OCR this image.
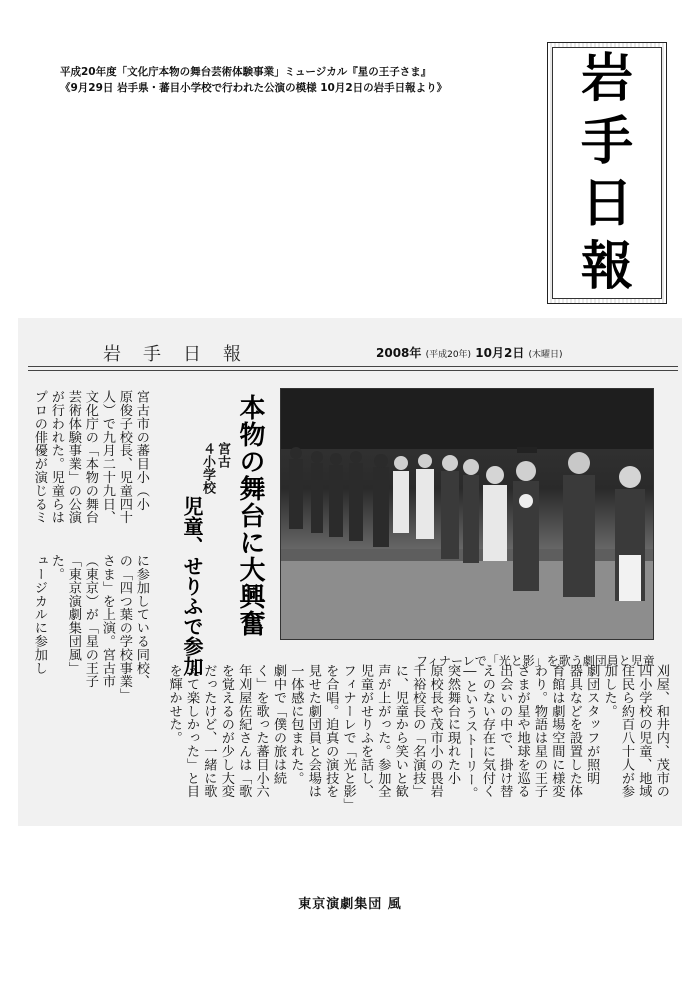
平成20年度「文化庁本物の舞台芸術体験事業」ミュージカル『星の王子さま』
《9月29日 岩手県・蕃目小学校で行われた公演の模様 10月2日の岩手日報より》	岩
手
日
報
岩手日報	2008年 (平成20年) 10月2日 (木曜日)
本物の舞台に大興奮
宮古
４小学校
児童、せりふで参加
プロの俳優が演じるミ が行われた。児童らは 芸術体験事業」の公演 文化庁の「本物の舞台 人）で九月二十九日、 原俊子校長、児童四十 宮古市の蕃目小（小
ュージカルに参加し た。 「東京演劇集団風」 （東京）が「星の王子 さま」を上演。宮古市 の「四つ葉の学校事業」 に参加している同校、	フィナーレで「光と影」を歌う劇団員と児童
刈屋、和井内、茂市の
四小学校の児童、地域
住民ら約百八十人が参
加した。
劇団スタッフが照明
器具などを設置した体
育館は劇場空間に様変
わり。物語は星の王子
さまが星や地球を巡る
出会いの中で、掛け替
えのない存在に気付く
―というストーリー。
突然舞台に現れた小
原校長や茂市小の畏岩
千裕校長の「名演技」
に、児童から笑いと歓
声が上がった。参加全
児童がせりふを話し、
フィナーレで「光と影」
を合唱。迫真の演技を
見せた劇団員と会場は
一体感に包まれた。
劇中で「僕の旅は続
く」を歌った蕃目小六
年刈屋佐紀さんは「歌
を覚えるのが少し大変
だったけど、一緒に歌
えて楽しかった」と目
を輝かせた。
東京演劇集団 風
